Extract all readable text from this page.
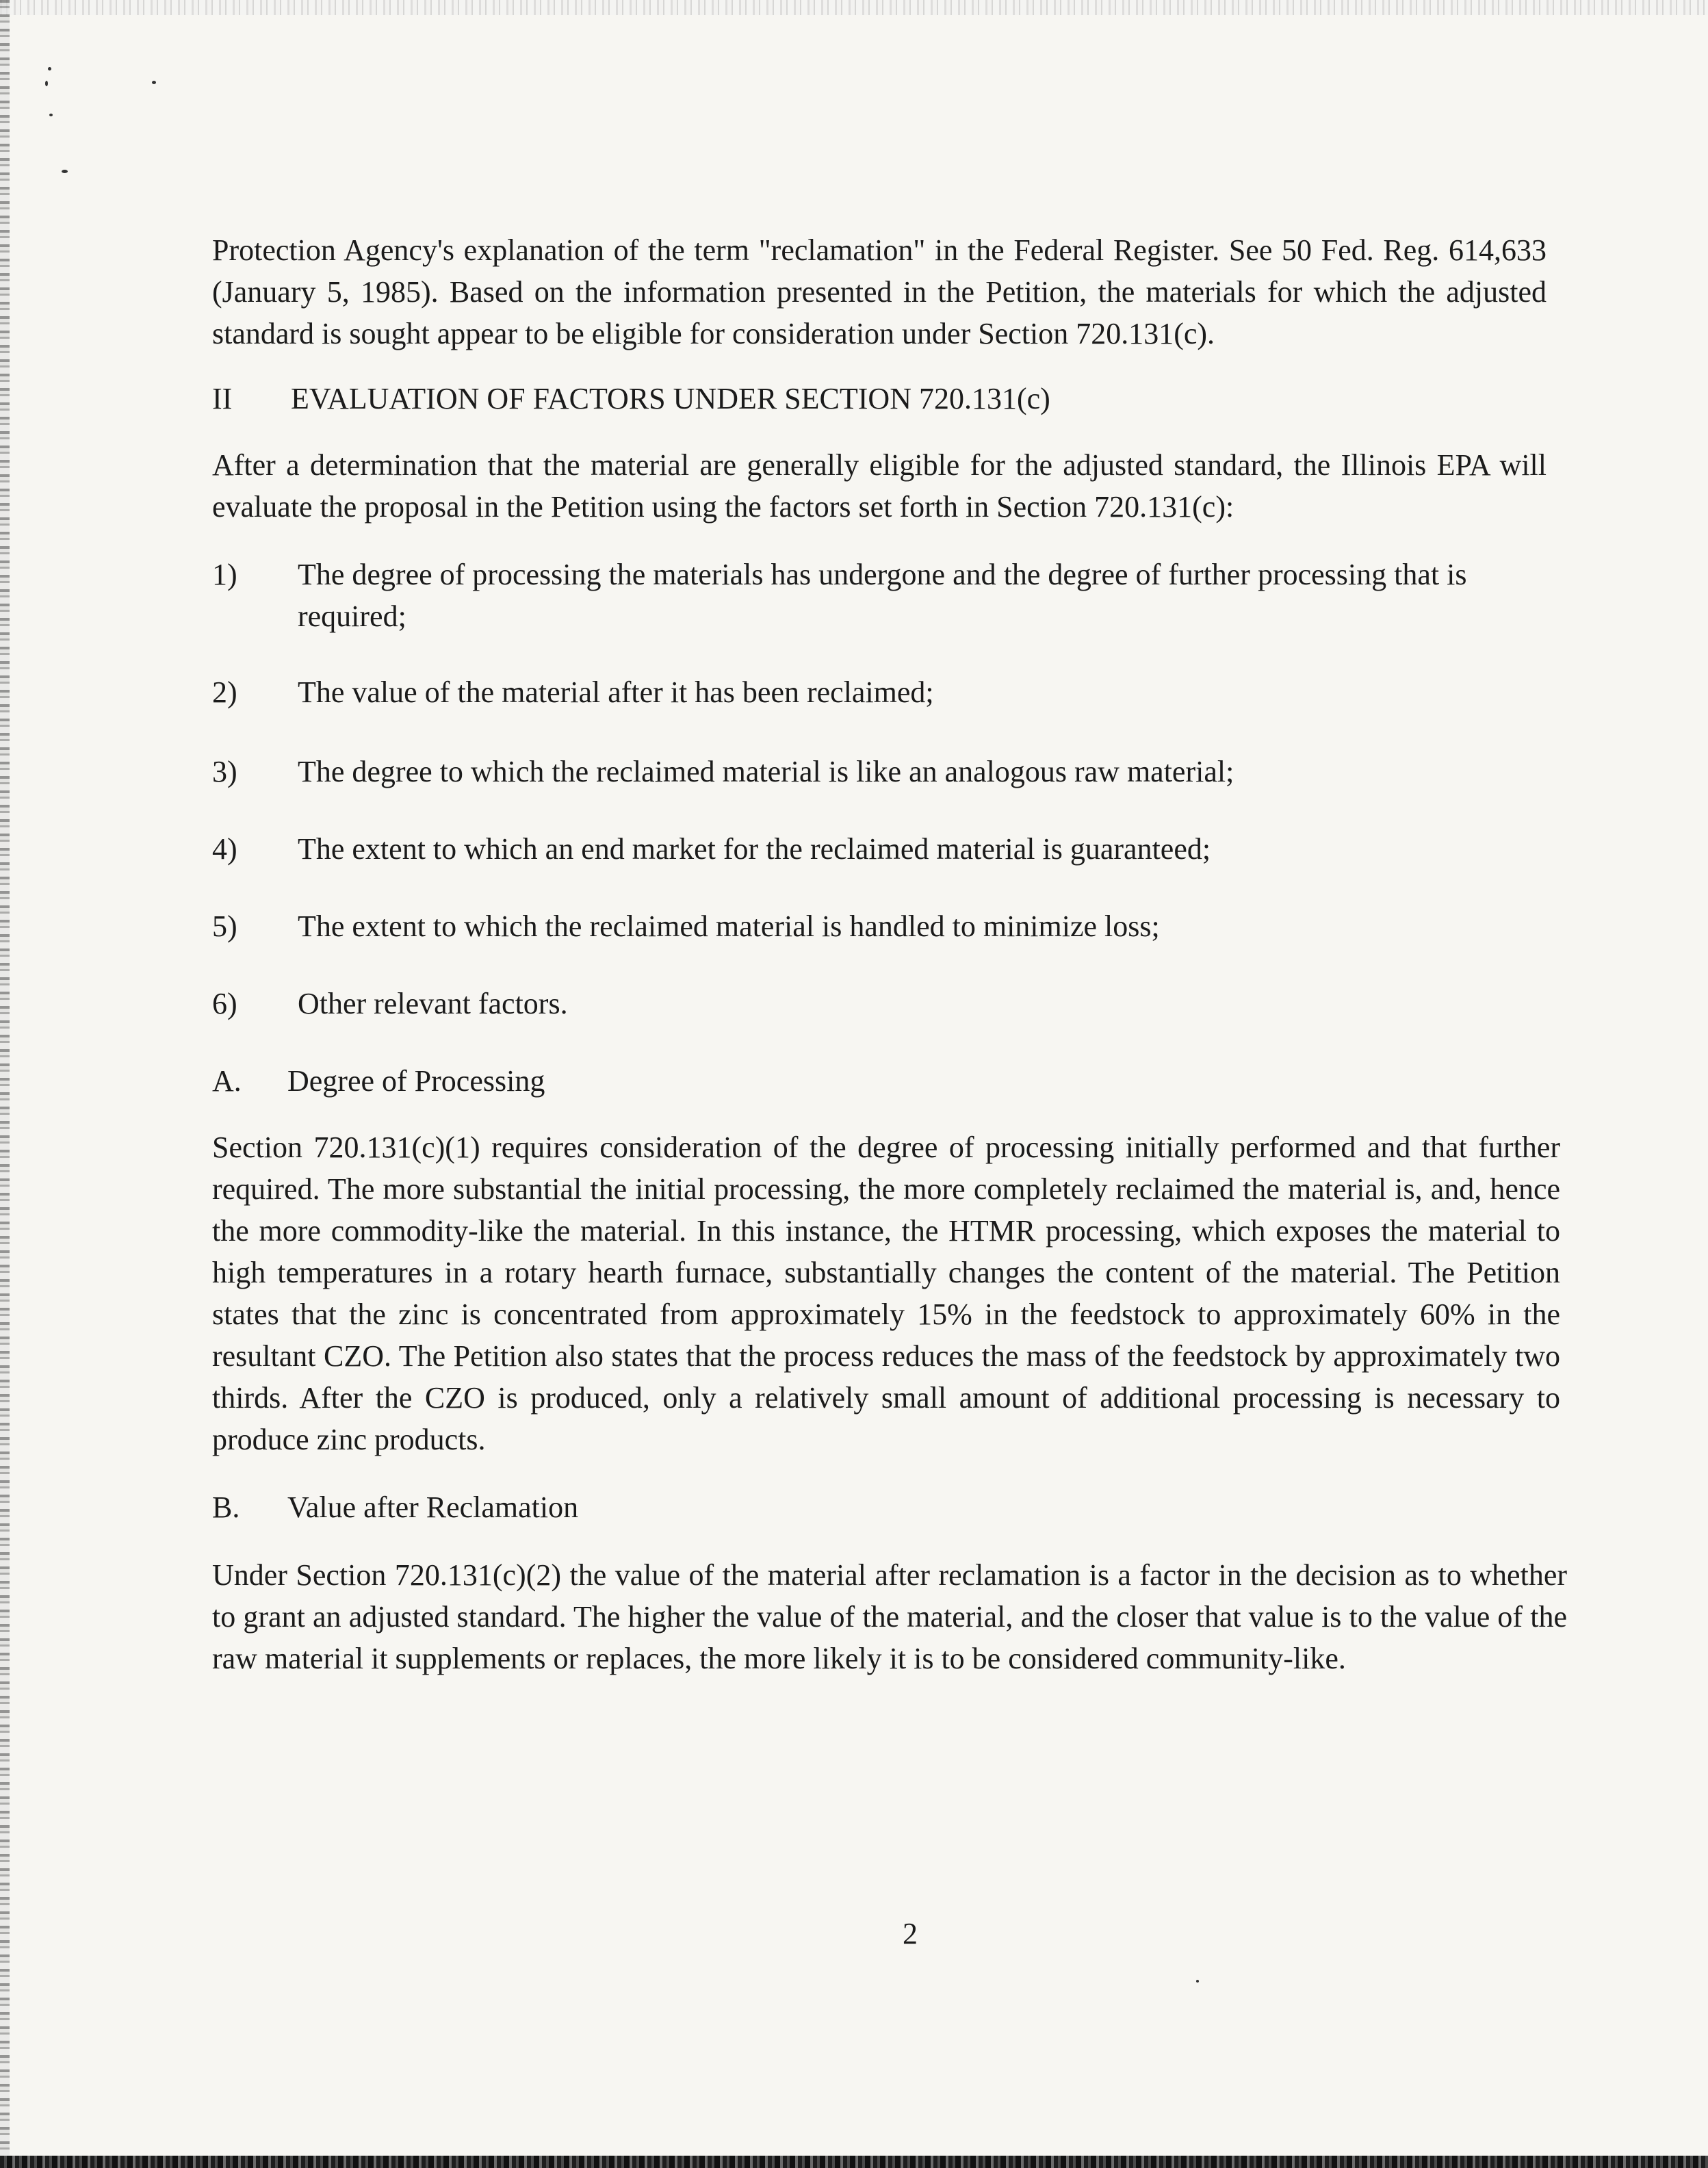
Protection Agency's explanation of the term "reclamation" in the Federal Register. See 50 Fed. Reg. 614,633 (January 5, 1985). Based on the information presented in the Petition, the materials for which the adjusted standard is sought appear to be eligible for consideration under Section 720.131(c).

II	EVALUATION OF FACTORS UNDER SECTION 720.131(c)

After a determination that the material are generally eligible for the adjusted standard, the Illinois EPA will evaluate the proposal in the Petition using the factors set forth in Section 720.131(c):

1)	The degree of processing the materials has undergone and the degree of further processing that is required;
2)	The value of the material after it has been reclaimed;
3)	The degree to which the reclaimed material is like an analogous raw material;
4)	The extent to which an end market for the reclaimed material is guaranteed;
5)	The extent to which the reclaimed material is handled to minimize loss;
6)	Other relevant factors.
A.	Degree of Processing

Section 720.131(c)(1) requires consideration of the degree of processing initially performed and that further required. The more substantial the initial processing, the more completely reclaimed the material is, and, hence the more commodity-like the material. In this instance, the HTMR processing, which exposes the material to high temperatures in a rotary hearth furnace, substantially changes the content of the material. The Petition states that the zinc is concentrated from approximately 15% in the feedstock to approximately 60% in the resultant CZO. The Petition also states that the process reduces the mass of the feedstock by approximately two thirds. After the CZO is produced, only a relatively small amount of additional processing is necessary to produce zinc products.

B.	Value after Reclamation

Under Section 720.131(c)(2) the value of the material after reclamation is a factor in the decision as to whether to grant an adjusted standard. The higher the value of the material, and the closer that value is to the value of the raw material it supplements or replaces, the more likely it is to be considered community-like.

2
